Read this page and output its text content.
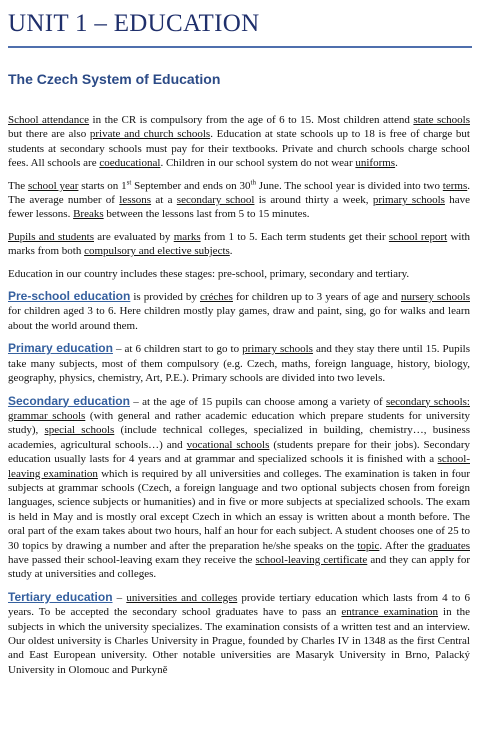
UNIT 1 – EDUCATION
The Czech System of Education

School attendance in the CR is compulsory from the age of 6 to 15. Most children attend state schools but there are also private and church schools. Education at state schools up to 18 is free of charge but students at secondary schools must pay for their textbooks. Private and church schools charge school fees. All schools are coeducational. Children in our school system do not wear uniforms.

The school year starts on 1st September and ends on 30th June. The school year is divided into two terms. The average number of lessons at a secondary school is around thirty a week, primary schools have fewer lessons. Breaks between the lessons last from 5 to 15 minutes.

Pupils and students are evaluated by marks from 1 to 5. Each term students get their school report with marks from both compulsory and elective subjects.

Education in our country includes these stages: pre-school, primary, secondary and tertiary.

Pre-school education is provided by créches for children up to 3 years of age and nursery schools for children aged 3 to 6. Here children mostly play games, draw and paint, sing, go for walks and learn about the world around them.

Primary education – at 6 children start to go to primary schools and they stay there until 15. Pupils take many subjects, most of them compulsory (e.g. Czech, maths, foreign language, history, biology, geography, physics, chemistry, Art, P.E.). Primary schools are divided into two levels.

Secondary education – at the age of 15 pupils can choose among a variety of secondary schools: grammar schools (with general and rather academic education which prepare students for university study), special schools (include technical colleges, specialized in building, chemistry…, business academies, agricultural schools…) and vocational schools (students prepare for their jobs). Secondary education usually lasts for 4 years and at grammar and specialized schools it is finished with a school-leaving examination which is required by all universities and colleges. The examination is taken in four subjects at grammar schools (Czech, a foreign language and two optional subjects chosen from foreign languages, science subjects or humanities) and in five or more subjects at specialized schools. The exam is held in May and is mostly oral except Czech in which an essay is written about a month before. The oral part of the exam takes about two hours, half an hour for each subject. A student chooses one of 25 to 30 topics by drawing a number and after the preparation he/she speaks on the topic. After the graduates have passed their school-leaving exam they receive the school-leaving certificate and they can apply for study at universities and colleges.

Tertiary education – universities and colleges provide tertiary education which lasts from 4 to 6 years. To be accepted the secondary school graduates have to pass an entrance examination in the subjects in which the university specializes. The examination consists of a written test and an interview. Our oldest university is Charles University in Prague, founded by Charles IV in 1348 as the first Central and East European university. Other notable universities are Masaryk University in Brno, Palacký University in Olomouc and Purkyně
